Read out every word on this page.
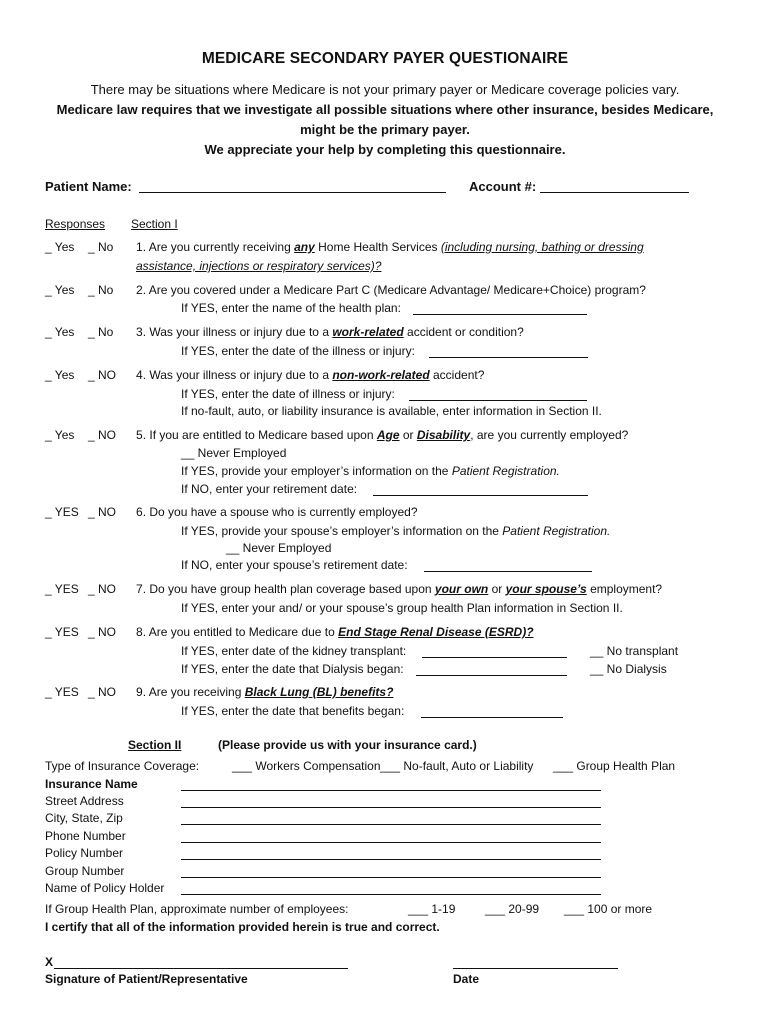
MEDICARE SECONDARY PAYER QUESTIONAIRE
There may be situations where Medicare is not your primary payer or Medicare coverage policies vary.
Medicare law requires that we investigate all possible situations where other insurance, besides Medicare,
might be the primary payer.
We appreciate your help by completing this questionnaire.
Patient Name:	Account #:
Responses Section I
_ Yes _ No 1. Are you currently receiving any Home Health Services (including nursing, bathing or dressing
assistance, injections or respiratory services)?
_ Yes _ No 2. Are you covered under a Medicare Part C (Medicare Advantage/ Medicare+Choice) program?
If YES, enter the name of the health plan:
_ Yes _ No 3. Was your illness or injury due to a work-related accident or condition?
If YES, enter the date of the illness or injury:
_ Yes _ NO 4. Was your illness or injury due to a non-work-related accident?
If YES, enter the date of illness or injury:
If no-fault, auto, or liability insurance is available, enter information in Section II.
_ Yes _ NO 5. If you are entitled to Medicare based upon Age or Disability, are you currently employed?
__ Never Employed
If YES, provide your employer’s information on the Patient Registration.
If NO, enter your retirement date:
_ YES _ NO 6. Do you have a spouse who is currently employed?
If YES, provide your spouse’s employer’s information on the Patient Registration.
__ Never Employed
If NO, enter your spouse’s retirement date:
_ YES _ NO 7. Do you have group health plan coverage based upon your own or your spouse’s employment?
If YES, enter your and/ or your spouse’s group health Plan information in Section II.
_ YES _ NO 8. Are you entitled to Medicare due to End Stage Renal Disease (ESRD)?
If YES, enter date of the kidney transplant:	__ No transplant
If YES, enter the date that Dialysis began:	__ No Dialysis
_ YES _ NO 9. Are you receiving Black Lung (BL) benefits?
If YES, enter the date that benefits began:
Section II	(Please provide us with your insurance card.)
Type of Insurance Coverage:	___ Workers Compensation ___ No-fault, Auto or Liability ___ Group Health Plan
Insurance Name
Street Address
City, State, Zip
Phone Number
Policy Number
Group Number
Name of Policy Holder
If Group Health Plan, approximate number of employees:	___ 1-19 ___ 20-99 ___ 100 or more
I certify that all of the information provided herein is true and correct.
X
Signature of Patient/Representative	Date
